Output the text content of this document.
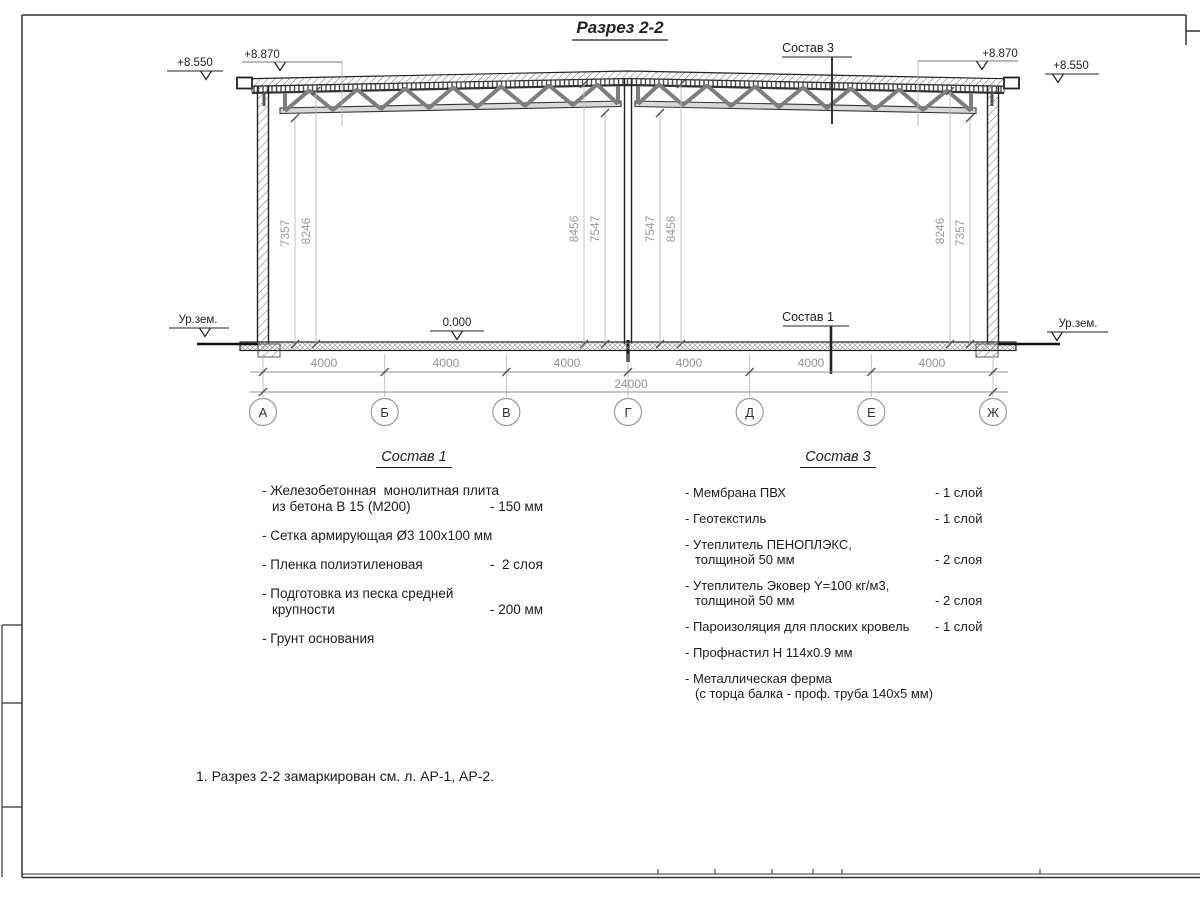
Разрез 2-2
+8.550
+8.870	+8.870
+8.550
0.000
Ур.зем.	Ур.зем.
Состав 3
Состав 1
7357 8246	8456 7547	7547 8456	8246 7357
4000	4000	4000	4000	4000	4000
24000
А	Б	В	Г	Д	Е	Ж
Состав 1
- Железобетонная  монолитная плита
из бетона В 15 (М200)	- 150 мм
- Сетка армирующая Ø3 100х100 мм
- Пленка полиэтиленовая	-  2 слоя
- Подготовка из песка средней
крупности	- 200 мм
- Грунт основания
Состав 3
- Мембрана ПВХ	- 1 слой
- Геотекстиль	- 1 слой
- Утеплитель ПЕНОПЛЭКС,
толщиной 50 мм	- 2 слоя
- Утеплитель Эковер Y=100 кг/м3,
толщиной 50 мм	- 2 слоя
- Пароизоляция для плоских кровель	- 1 слой
- Профнастил Н 114х0.9 мм
- Металлическая ферма
(с торца балка - проф. труба 140х5 мм)
1. Разрез 2-2 замаркирован см. л. АР-1, АР-2.
